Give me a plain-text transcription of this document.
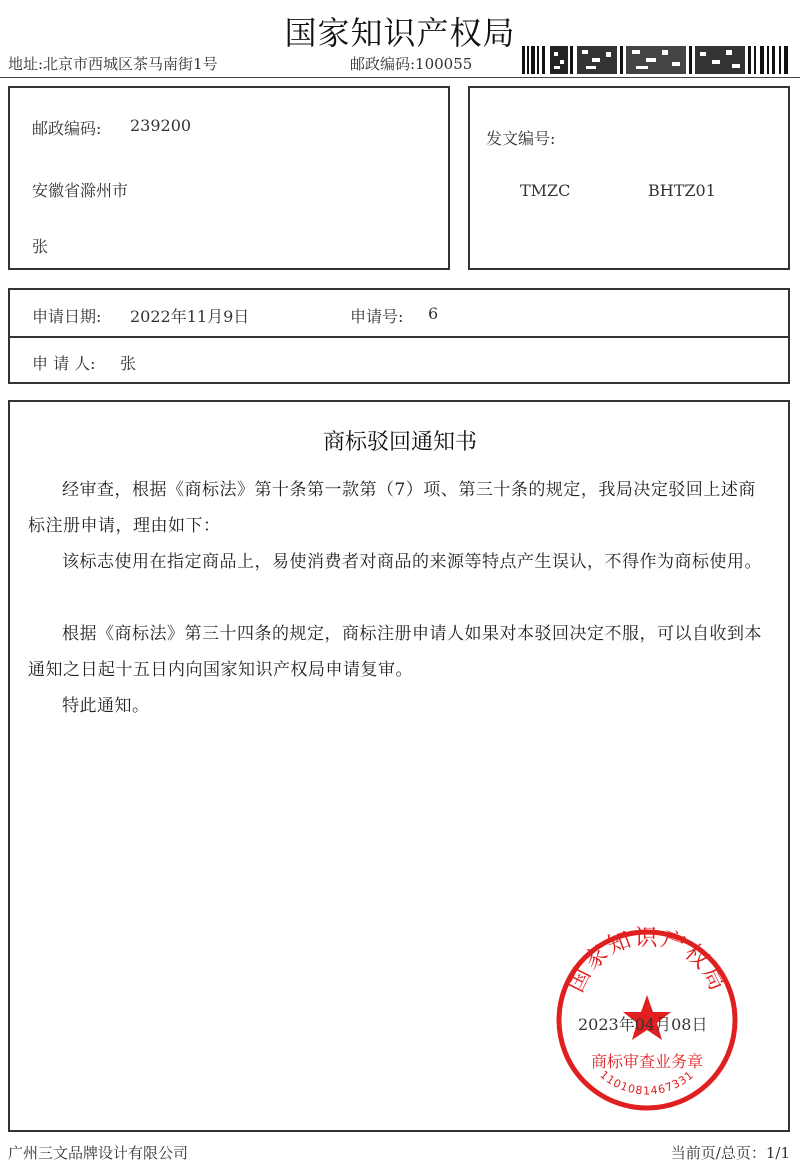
国家知识产权局
地址:北京市西城区茶马南街1号	邮政编码:100055
邮政编码: 239200
安徽省滁州市
张
发文编号:
TMZC	BHTZ01
申请日期: 2022年11月9日	申请号: 6
申 请 人: 张
商标驳回通知书

经审查，根据《商标法》第十条第一款第（7）项、第三十条的规定，我局决定驳回上述商标注册申请，理由如下：

该标志使用在指定商品上，易使消费者对商品的来源等特点产生误认，不得作为商标使用。

根据《商标法》第三十四条的规定，商标注册申请人如果对本驳回决定不服，可以自收到本通知之日起十五日内向国家知识产权局申请复审。

特此通知。

国家知识产权局
商标审查业务章
1101081467331
2023年04月08日
广州三文品牌设计有限公司	当前页/总页：1/1
